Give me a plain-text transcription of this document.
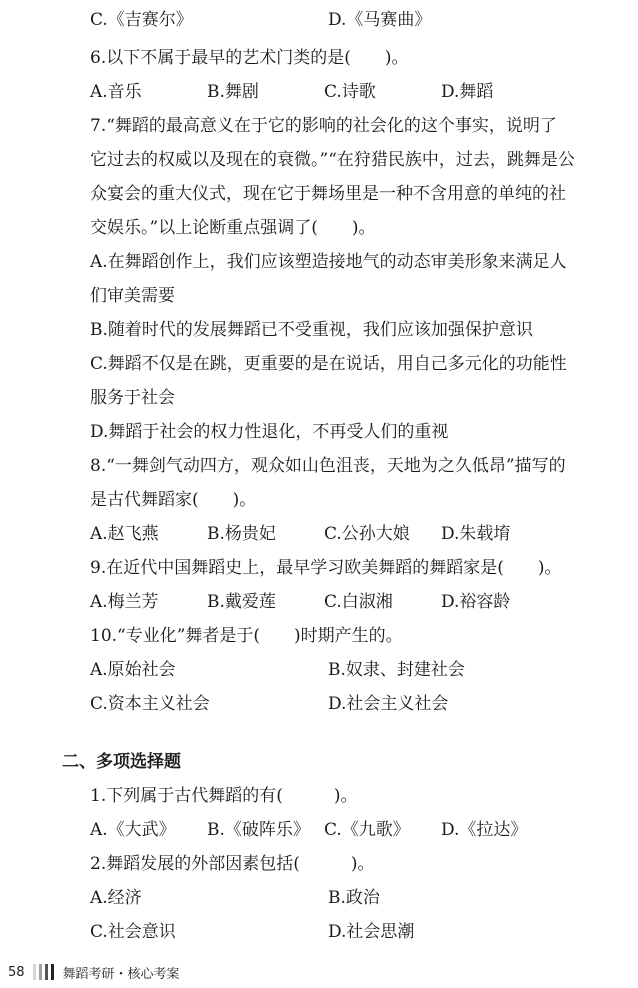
C.《吉赛尔》	D.《马赛曲》
6.以下不属于最早的艺术门类的是(　　)。
A.音乐	B.舞剧	C.诗歌	D.舞蹈
7.“舞蹈的最高意义在于它的影响的社会化的这个事实，说明了
它过去的权威以及现在的衰微。”“在狩猎民族中，过去，跳舞是公
众宴会的重大仪式，现在它于舞场里是一种不含用意的单纯的社
交娱乐。”以上论断重点强调了(　　)。
A.在舞蹈创作上，我们应该塑造接地气的动态审美形象来满足人
们审美需要
B.随着时代的发展舞蹈已不受重视，我们应该加强保护意识
C.舞蹈不仅是在跳，更重要的是在说话，用自己多元化的功能性
服务于社会
D.舞蹈于社会的权力性退化，不再受人们的重视
8.“一舞剑气动四方，观众如山色沮丧，天地为之久低昂”描写的
是古代舞蹈家(　　)。
A.赵飞燕	B.杨贵妃	C.公孙大娘 D.朱载堉
9.在近代中国舞蹈史上，最早学习欧美舞蹈的舞蹈家是(　　)。
A.梅兰芳	B.戴爱莲	C.白淑湘	D.裕容龄
10.“专业化”舞者是于(　　)时期产生的。
A.原始社会	B.奴隶、封建社会
C.资本主义社会	D.社会主义社会
二、多项选择题
1.下列属于古代舞蹈的有(　　　)。
A.《大武》 B.《破阵乐》 C.《九歌》 D.《拉达》
2.舞蹈发展的外部因素包括(　　　)。
A.经济	B.政治
C.社会意识	D.社会思潮
58	舞蹈考研・核心考案
